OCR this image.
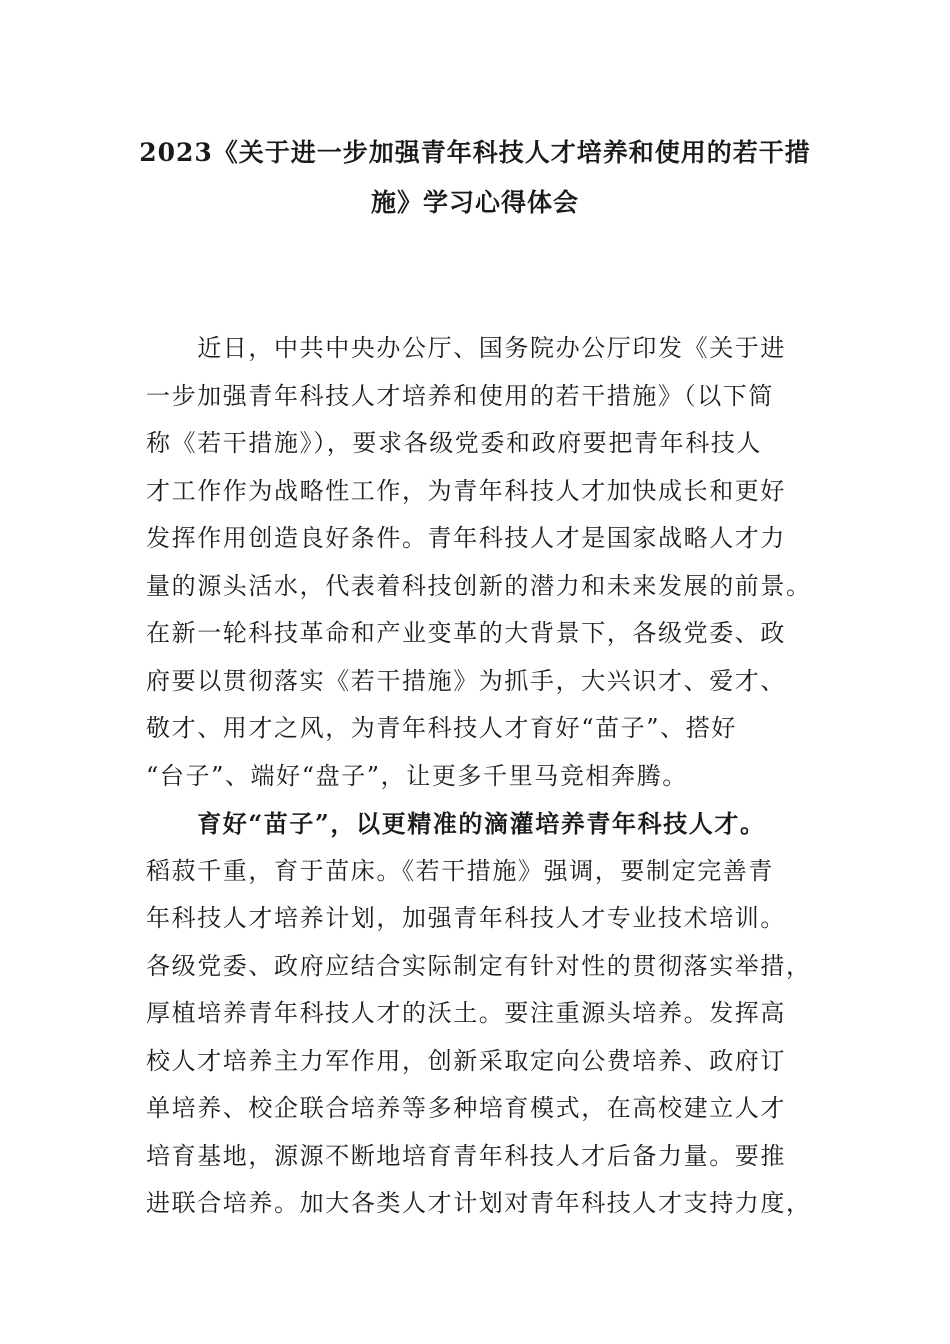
2023《关于进一步加强青年科技人才培养和使用的若干措
施》学习心得体会
　　近日，中共中央办公厅、国务院办公厅印发《关于进
一步加强青年科技人才培养和使用的若干措施》（以下简
称《若干措施》），要求各级党委和政府要把青年科技人
才工作作为战略性工作，为青年科技人才加快成长和更好
发挥作用创造良好条件。青年科技人才是国家战略人才力
量的源头活水，代表着科技创新的潜力和未来发展的前景。
在新一轮科技革命和产业变革的大背景下，各级党委、政
府要以贯彻落实《若干措施》为抓手，大兴识才、爱才、
敬才、用才之风，为青年科技人才育好“苗子”、搭好
“台子”、端好“盘子”，让更多千里马竞相奔腾。
　　育好“苗子”，以更精准的滴灌培养青年科技人才。
稻菽千重，育于苗床。《若干措施》强调，要制定完善青
年科技人才培养计划，加强青年科技人才专业技术培训。
各级党委、政府应结合实际制定有针对性的贯彻落实举措，
厚植培养青年科技人才的沃土。要注重源头培养。发挥高
校人才培养主力军作用，创新采取定向公费培养、政府订
单培养、校企联合培养等多种培育模式，在高校建立人才
培育基地，源源不断地培育青年科技人才后备力量。要推
进联合培养。加大各类人才计划对青年科技人才支持力度，
